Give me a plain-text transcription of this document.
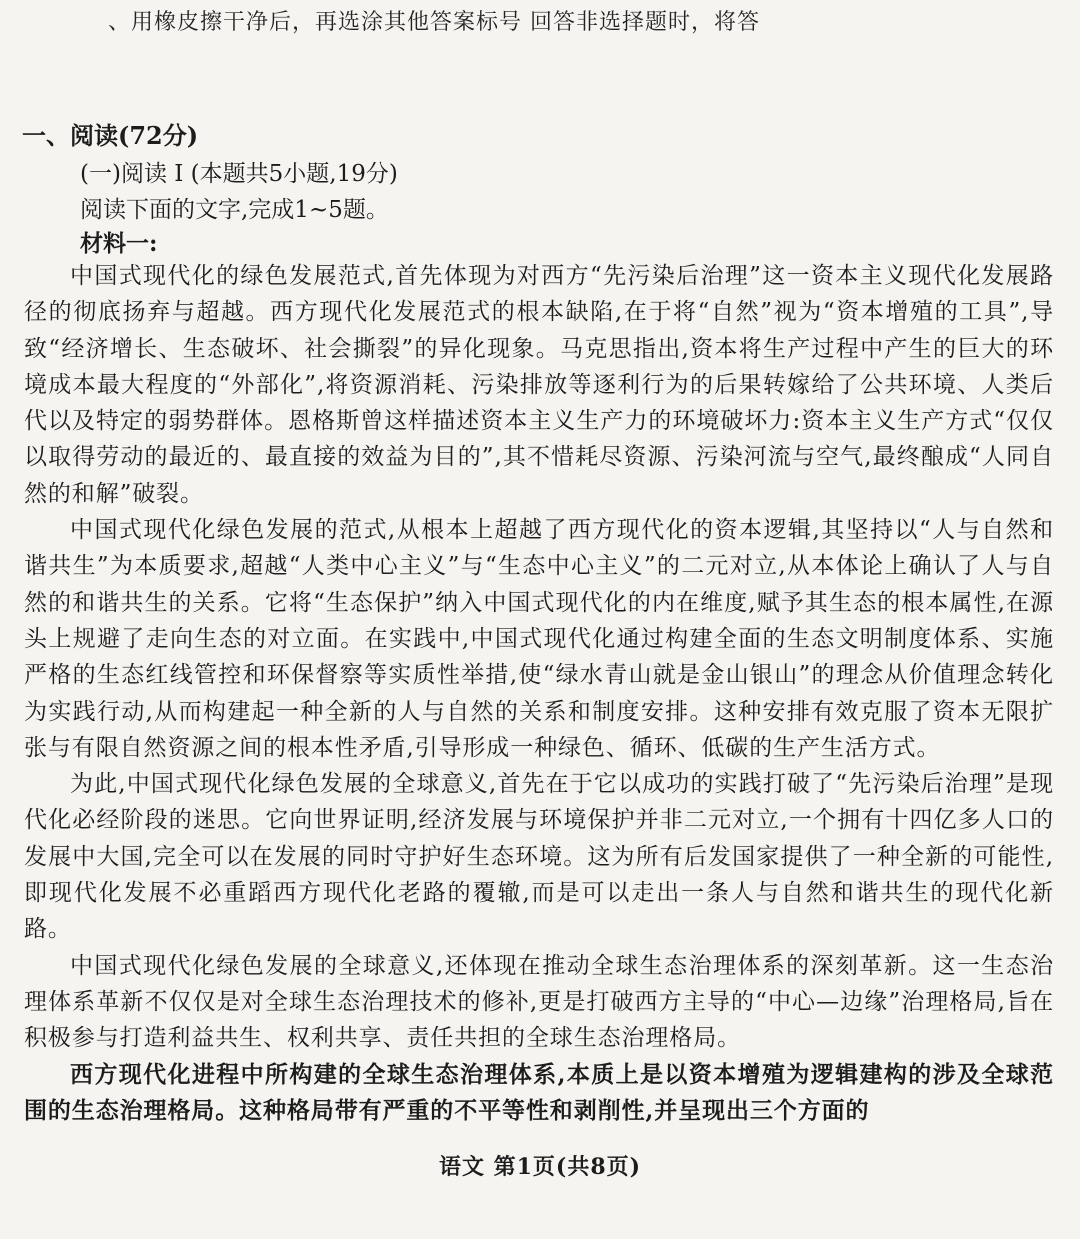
、用橡皮擦干净后，再选涂其他答案标号 回答非选择题时，将答
一、阅读(72分)
(一)阅读 I (本题共5小题,19分)
阅读下面的文字,完成1~5题。
材料一:

中国式现代化的绿色发展范式,首先体现为对西方“先污染后治理”这一资本主义现代化发展路径的彻底扬弃与超越。西方现代化发展范式的根本缺陷,在于将“自然”视为“资本增殖的工具”,导致“经济增长、生态破坏、社会撕裂”的异化现象。马克思指出,资本将生产过程中产生的巨大的环境成本最大程度的“外部化”,将资源消耗、污染排放等逐利行为的后果转嫁给了公共环境、人类后代以及特定的弱势群体。恩格斯曾这样描述资本主义生产力的环境破坏力:资本主义生产方式“仅仅以取得劳动的最近的、最直接的效益为目的”,其不惜耗尽资源、污染河流与空气,最终酿成“人同自然的和解”破裂。

中国式现代化绿色发展的范式,从根本上超越了西方现代化的资本逻辑,其坚持以“人与自然和谐共生”为本质要求,超越“人类中心主义”与“生态中心主义”的二元对立,从本体论上确认了人与自然的和谐共生的关系。它将“生态保护”纳入中国式现代化的内在维度,赋予其生态的根本属性,在源头上规避了走向生态的对立面。在实践中,中国式现代化通过构建全面的生态文明制度体系、实施严格的生态红线管控和环保督察等实质性举措,使“绿水青山就是金山银山”的理念从价值理念转化为实践行动,从而构建起一种全新的人与自然的关系和制度安排。这种安排有效克服了资本无限扩张与有限自然资源之间的根本性矛盾,引导形成一种绿色、循环、低碳的生产生活方式。

为此,中国式现代化绿色发展的全球意义,首先在于它以成功的实践打破了“先污染后治理”是现代化必经阶段的迷思。它向世界证明,经济发展与环境保护并非二元对立,一个拥有十四亿多人口的发展中大国,完全可以在发展的同时守护好生态环境。这为所有后发国家提供了一种全新的可能性,即现代化发展不必重蹈西方现代化老路的覆辙,而是可以走出一条人与自然和谐共生的现代化新路。

中国式现代化绿色发展的全球意义,还体现在推动全球生态治理体系的深刻革新。这一生态治理体系革新不仅仅是对全球生态治理技术的修补,更是打破西方主导的“中心—边缘”治理格局,旨在积极参与打造利益共生、权利共享、责任共担的全球生态治理格局。

西方现代化进程中所构建的全球生态治理体系,本质上是以资本增殖为逻辑建构的涉及全球范围的生态治理格局。这种格局带有严重的不平等性和剥削性,并呈现出三个方面的

语文 第1页(共8页)
